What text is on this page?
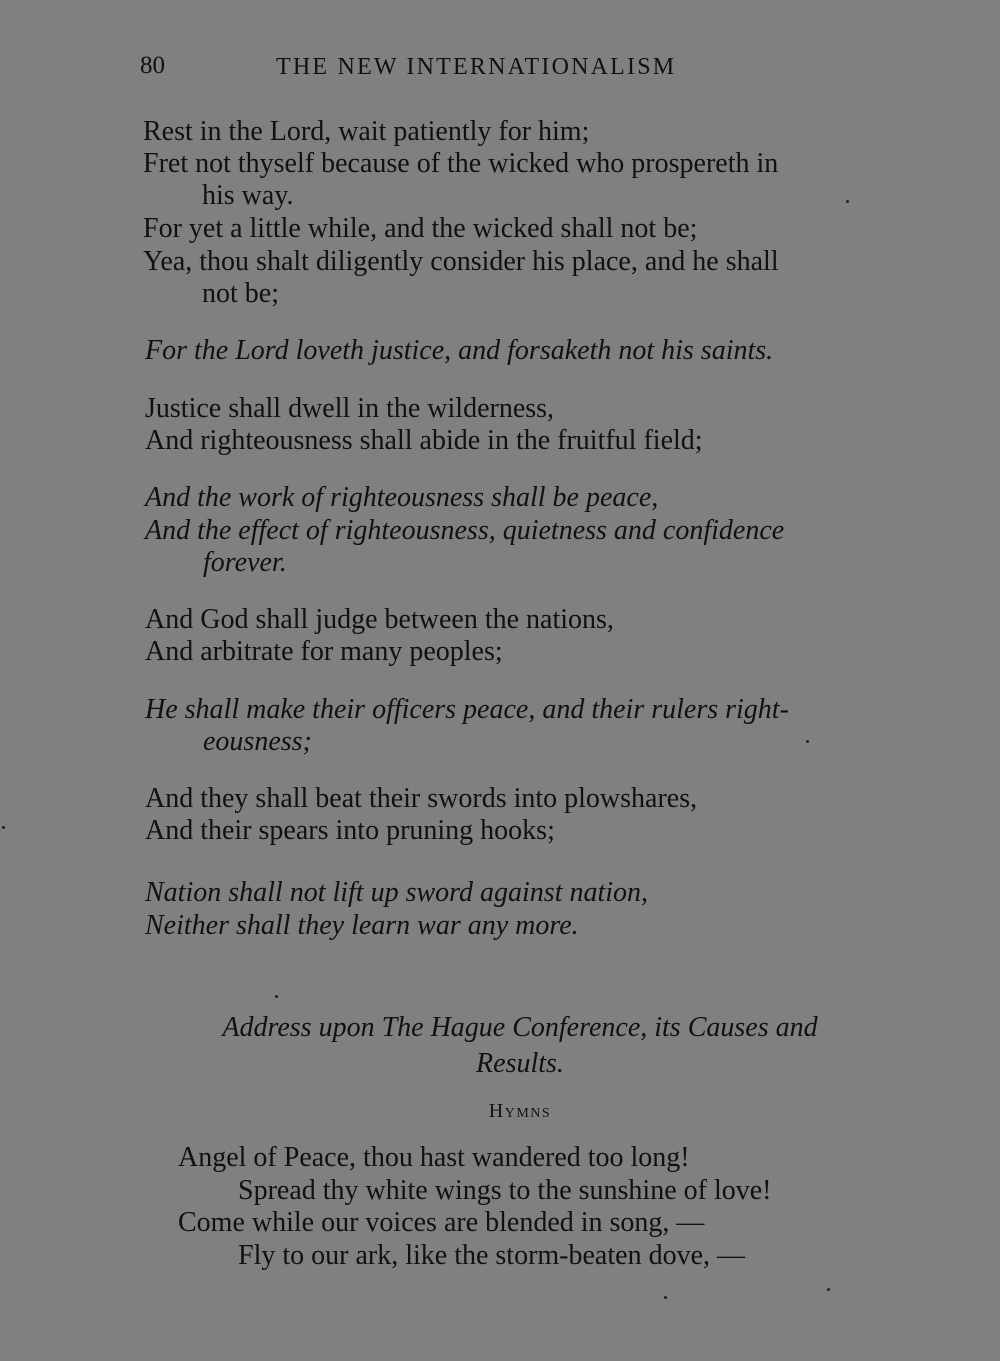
80	THE NEW INTERNATIONALISM
Rest in the Lord, wait patiently for him;
Fret not thyself because of the wicked who prospereth in
his way.
For yet a little while, and the wicked shall not be;
Yea, thou shalt diligently consider his place, and he shall
not be;
For the Lord loveth justice, and forsaketh not his saints.
Justice shall dwell in the wilderness,
And righteousness shall abide in the fruitful field;
And the work of righteousness shall be peace,
And the effect of righteousness, quietness and confidence
forever.
And God shall judge between the nations,
And arbitrate for many peoples;
He shall make their officers peace, and their rulers right-
eousness;
And they shall beat their swords into plowshares,
And their spears into pruning hooks;
Nation shall not lift up sword against nation,
Neither shall they learn war any more.
Address upon The Hague Conference, its Causes and
Results.
Hymns
Angel of Peace, thou hast wandered too long!
Spread thy white wings to the sunshine of love!
Come while our voices are blended in song, —
Fly to our ark, like the storm-beaten dove, —
